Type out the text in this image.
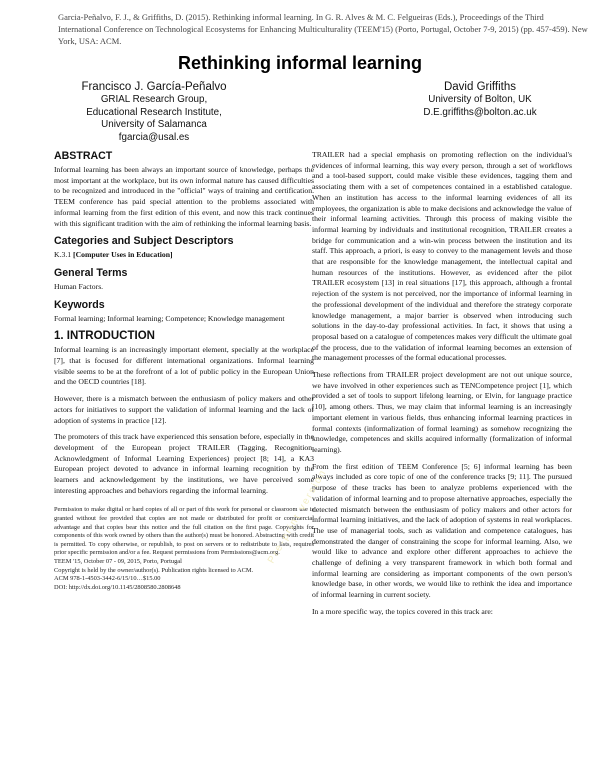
Garcia-Peñalvo, F. J., & Griffiths, D. (2015). Rethinking informal learning. In G. R. Alves & M. C. Felgueiras (Eds.), Proceedings of the Third International Conference on Technological Ecosystems for Enhancing Multiculturality (TEEM'15) (Porto, Portugal, October 7-9, 2015) (pp. 457-459). New York, USA: ACM.
Rethinking informal learning
Francisco J. García-Peñalvo
GRIAL Research Group,
Educational Research Institute,
University of Salamanca
fgarcia@usal.es
David Griffiths
University of Bolton, UK
D.E.griffiths@bolton.ac.uk
ABSTRACT

Informal learning has been always an important source of knowledge, perhaps the most important at the workplace, but its own informal nature has caused difficulties to be recognized and introduced in the "official" ways of training and certification. TEEM conference has paid special attention to the problems associated with informal learning from the first edition of this event, and now this track continues with this significant tradition with the aim of rethinking the informal learning basis.

Categories and Subject Descriptors

K.3.1 [Computer Uses in Education]

General Terms

Human Factors.

Keywords

Formal learning; Informal learning; Competence; Knowledge management

1. INTRODUCTION

Informal learning is an increasingly important element, specially at the workplace [7], that is focused for different international organizations. Informal learning visible seems to be at the forefront of a lot of public policy in the European Union and the OECD countries [18].

However, there is a mismatch between the enthusiasm of policy makers and other actors for initiatives to support the validation of informal learning and the lack of adoption of systems in practice [12].

The promoters of this track have experienced this sensation before, especially in the development of the European project TRAILER (Tagging, Recognition, Acknowledgment of Informal Learning Experiences) project [8; 14], a KA3 European project devoted to advance in informal learning recognition by the learners and acknowledgement by the institutions, we have perceived some interesting approaches and behaviors regarding the informal learning.

Permission to make digital or hard copies of all or part of this work for personal or classroom use is granted without fee provided that copies are not made or distributed for profit or commercial advantage and that copies bear this notice and the full citation on the first page. Copyrights for components of this work owned by others than the author(s) must be honored. Abstracting with credit is permitted. To copy otherwise, or republish, to post on servers or to redistribute to lists, requires prior specific permission and/or a fee. Request permissions from Permissions@acm.org.
TEEM '15, October 07 - 09, 2015, Porto, Portugal
Copyright is held by the owner/author(s). Publication rights licensed to ACM.
ACM 978-1-4503-3442-6/15/10…$15.00
DOI: http://dx.doi.org/10.1145/2808580.2808648

TRAILER had a special emphasis on promoting reflection on the individual's evidences of informal learning, this way every person, through a set of workflows and a tool-based support, could make visible these evidences, tagging them and associating them with a set of competences contained in a established catalogue. When an institution has access to the informal learning evidences of all its employees, the organization is able to make decisions and acknowledge the value of their informal learning activities. Through this process of making visible the informal learning by individuals and institutional recognition, TRAILER creates a bridge for communication and a win-win process between the institution and its staff. This approach, a priori, is easy to convey to the management levels and those that are responsible for the knowledge management, the intellectual capital and human resources of the institutions. However, as evidenced after the pilot TRAILER ecosystem [13] in real situations [17], this approach, although a frontal rejection of the system is not perceived, nor the importance of informal learning in the professional development of the individual and therefore the strategy corporate knowledge management, a major barrier is observed when introducing such solutions in the day-to-day professional activities. In fact, it shows that using a proposal based on a catalogue of competences makes very difficult the ultimate goal of the process, due to the validation of informal learning becomes an extension of the management processes of the formal educational processes.

These reflections from TRAILER project development are not out unique source, we have involved in other experiences such as TENCompetence project [1], which provided a set of tools to support lifelong learning, or Elvin, for language practice [10], among others. Thus, we may claim that informal learning is an increasingly important element in various fields, thus enhancing informal learning practices in formal contexts (informalization of formal learning) as somehow recognizing the knowledge, competences and skills acquired informally (formalization of informal learning).

From the first edition of TEEM Conference [5; 6] informal learning has been always included as core topic of one of the conference tracks [9; 11]. The pursued purpose of these tracks has been to analyze problems experienced with the validation of informal learning and to propose alternative approaches, especially the detected mismatch between the enthusiasm of policy makers and other actors for informal learning initiatives, and the lack of adoption of systems in real workplaces. The use of managerial tools, such as validation and competence catalogues, has demonstrated the danger of constraining the scope for informal learning. Also, we would like to advance and explore other different approaches to achieve the challenge of defining a very transparent framework in which both formal and informal learning are considering as important components of the own person's knowledge base, in other words, we would like to rethink the idea and importance of informal learning in current society.

In a more specific way, the topics covered in this track are:

Pre-print version
